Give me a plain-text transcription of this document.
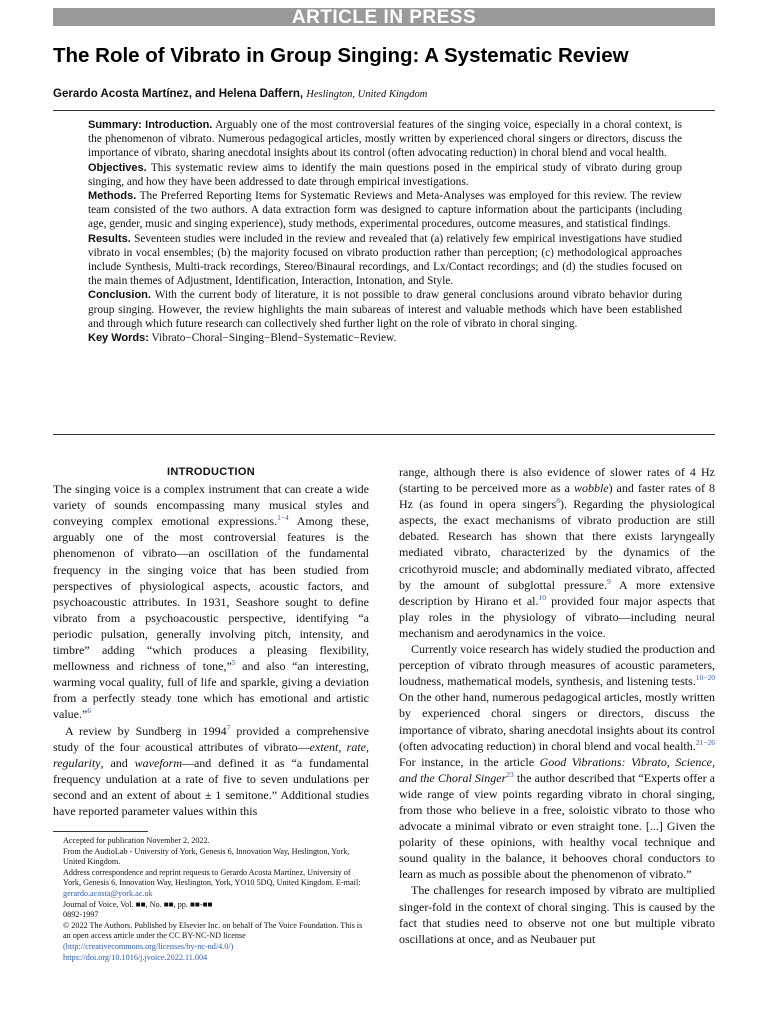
ARTICLE IN PRESS
The Role of Vibrato in Group Singing: A Systematic Review
Gerardo Acosta Martínez, and Helena Daffern, Heslington, United Kingdom

Summary: Introduction. Arguably one of the most controversial features of the singing voice, especially in a choral context, is the phenomenon of vibrato. Numerous pedagogical articles, mostly written by experienced choral singers or directors, discuss the importance of vibrato, sharing anecdotal insights about its control (often advocating reduction) in choral blend and vocal health.

Objectives. This systematic review aims to identify the main questions posed in the empirical study of vibrato during group singing, and how they have been addressed to date through empirical investigations.

Methods. The Preferred Reporting Items for Systematic Reviews and Meta-Analyses was employed for this review. The review team consisted of the two authors. A data extraction form was designed to capture information about the participants (including age, gender, music and singing experience), study methods, experimental procedures, outcome measures, and statistical findings.

Results. Seventeen studies were included in the review and revealed that (a) relatively few empirical investigations have studied vibrato in vocal ensembles; (b) the majority focused on vibrato production rather than perception; (c) methodological approaches include Synthesis, Multi-track recordings, Stereo/Binaural recordings, and Lx/Contact recordings; and (d) the studies focused on the main themes of Adjustment, Identification, Interaction, Intonation, and Style.

Conclusion. With the current body of literature, it is not possible to draw general conclusions around vibrato behavior during group singing. However, the review highlights the main subareas of interest and valuable methods which have been established and through which future research can collectively shed further light on the role of vibrato in choral singing.

Key Words: Vibrato−Choral−Singing−Blend−Systematic−Review.

INTRODUCTION

The singing voice is a complex instrument that can create a wide variety of sounds encompassing many musical styles and conveying complex emotional expressions.$^{1-4}$ Among these, arguably one of the most controversial features is the phenomenon of vibrato—an oscillation of the fundamental frequency in the singing voice that has been studied from perspectives of physiological aspects, acoustic factors, and psychoacoustic attributes. In 1931, Seashore sought to define vibrato from a psychoacoustic perspective, identifying “a periodic pulsation, generally involving pitch, intensity, and timbre” adding “which produces a pleasing flexibility, mellowness and richness of tone,”$^5$ and also “an interesting, warming vocal quality, full of life and sparkle, giving a deviation from a perfectly steady tone which has emotional and artistic value.”$^6$

A review by Sundberg in 1994$^7$ provided a comprehensive study of the four acoustical attributes of vibrato—extent, rate, regularity, and waveform—and defined it as “a fundamental frequency undulation at a rate of five to seven undulations per second and an extent of about ± 1 semitone.” Additional studies have reported parameter values within this

Accepted for publication November 2, 2022.

From the AudioLab - University of York, Genesis 6, Innovation Way, Heslington, York, United Kingdom.

Address correspondence and reprint requests to Gerardo Acosta Martínez, University of York, Genesis 6, Innovation Way, Heslington, York, YO10 5DQ, United Kingdom. E-mail: gerardo.acosta@york.ac.uk

Journal of Voice, Vol. ■■, No. ■■, pp. ■■-■■

0892-1997

© 2022 The Authors. Published by Elsevier Inc. on behalf of The Voice Foundation. This is an open access article under the CC BY-NC-ND license
(http://creativecommons.org/licenses/by-nc-nd/4.0/)

https://doi.org/10.1016/j.jvoice.2022.11.004

range, although there is also evidence of slower rates of 4 Hz (starting to be perceived more as a wobble) and faster rates of 8 Hz (as found in opera singers$^8$). Regarding the physiological aspects, the exact mechanisms of vibrato production are still debated. Research has shown that there exists laryngeally mediated vibrato, characterized by the dynamics of the cricothyroid muscle; and abdominally mediated vibrato, affected by the amount of subglottal pressure.$^9$ A more extensive description by Hirano et al.$^{10}$ provided four major aspects that play roles in the physiology of vibrato—including neural mechanism and aerodynamics in the voice.

Currently voice research has widely studied the production and perception of vibrato through measures of acoustic parameters, loudness, mathematical models, synthesis, and listening tests.$^{10-20}$ On the other hand, numerous pedagogical articles, mostly written by experienced choral singers or directors, discuss the importance of vibrato, sharing anecdotal insights about its control (often advocating reduction) in choral blend and vocal health.$^{21-26}$ For instance, in the article Good Vibrations: Vibrato, Science, and the Choral Singer$^{23}$ the author described that “Experts offer a wide range of view points regarding vibrato in choral singing, from those who believe in a free, soloistic vibrato to those who advocate a minimal vibrato or even straight tone. [...] Given the polarity of these opinions, with healthy vocal technique and sound quality in the balance, it behooves choral conductors to learn as much as possible about the phenomenon of vibrato.”

The challenges for research imposed by vibrato are multiplied singer-fold in the context of choral singing. This is caused by the fact that studies need to observe not one but multiple vibrato oscillations at once, and as Neubauer put
